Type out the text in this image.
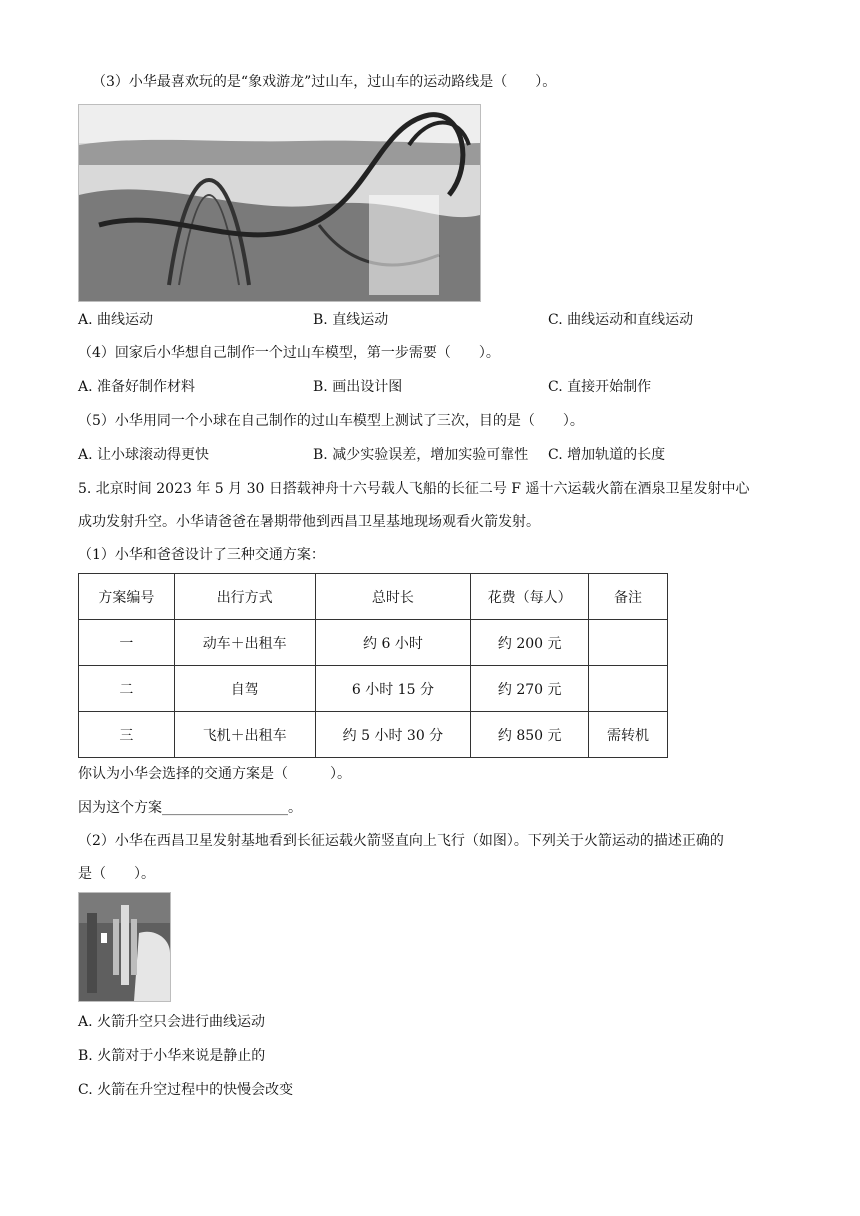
（3）小华最喜欢玩的是“象戏游龙”过山车，过山车的运动路线是（　　）。
A. 曲线运动	B. 直线运动	C. 曲线运动和直线运动
（4）回家后小华想自己制作一个过山车模型，第一步需要（　　）。
A. 准备好制作材料	B. 画出设计图	C. 直接开始制作
（5）小华用同一个小球在自己制作的过山车模型上测试了三次，目的是（　　）。
A. 让小球滚动得更快	B. 减少实验误差，增加实验可靠性 C. 增加轨道的长度
5. 北京时间 2023 年 5 月 30 日搭载神舟十六号载人飞船的长征二号 F 遥十六运载火箭在酒泉卫星发射中心
成功发射升空。小华请爸爸在暑期带他到西昌卫星基地现场观看火箭发射。
（1）小华和爸爸设计了三种交通方案：
方案编号	出行方式	总时长	花费（每人）	备注
一	动车＋出租车	约 6 小时	约 200 元	
二	自驾	6 小时 15 分	约 270 元	
三	飞机＋出租车	约 5 小时 30 分	约 850 元	需转机
你认为小华会选择的交通方案是（　　　）。
因为这个方案__________________。
（2）小华在西昌卫星发射基地看到长征运载火箭竖直向上飞行（如图）。下列关于火箭运动的描述正确的
是（　　）。
A. 火箭升空只会进行曲线运动
B. 火箭对于小华来说是静止的
C. 火箭在升空过程中的快慢会改变
